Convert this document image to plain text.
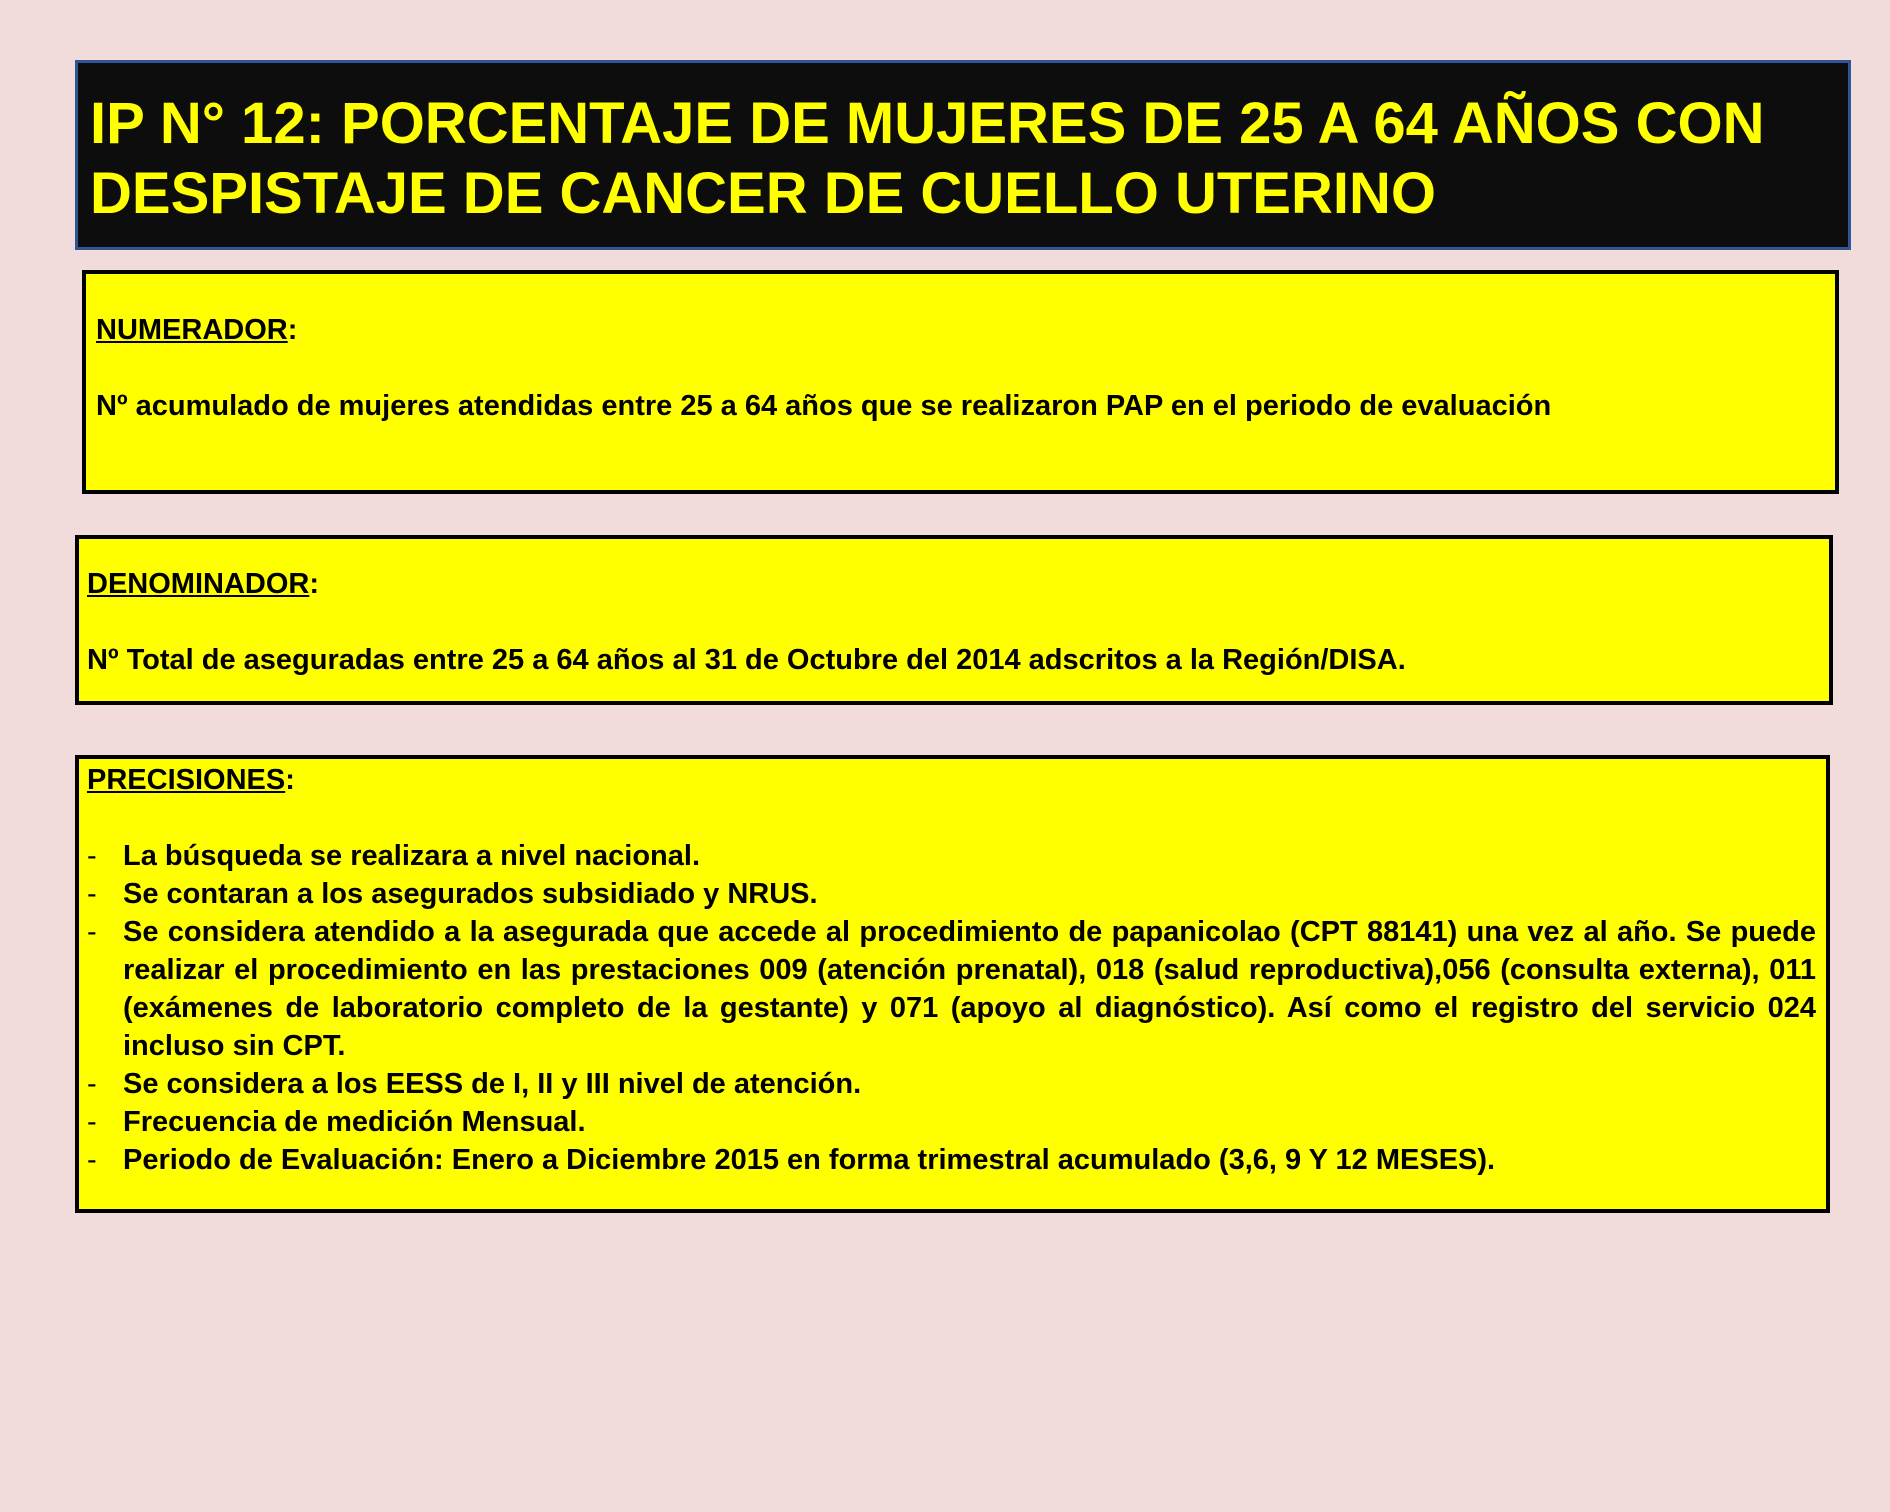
IP N° 12: PORCENTAJE DE MUJERES DE 25 A 64 AÑOS CON
DESPISTAJE DE CANCER DE CUELLO UTERINO

NUMERADOR:
Nº acumulado de mujeres atendidas entre 25 a 64 años que se realizaron PAP en el periodo de evaluación
DENOMINADOR:
Nº Total de aseguradas entre 25 a 64 años al 31 de Octubre del 2014 adscritos a la Región/DISA.
PRECISIONES:
- La búsqueda se realizara a nivel nacional.
- Se contaran a los asegurados subsidiado y NRUS.
- Se considera atendido a la asegurada que accede al procedimiento de papanicolao (CPT 88141) una vez al año. Se puede realizar el procedimiento en las prestaciones 009 (atención prenatal), 018 (salud reproductiva),056 (consulta externa), 011 (exámenes de laboratorio completo de la gestante) y 071 (apoyo al diagnóstico). Así como el registro del servicio 024 incluso sin CPT.
- Se considera a los EESS de I, II y III nivel de atención.
- Frecuencia de medición Mensual.
- Periodo de Evaluación: Enero a Diciembre 2015 en forma trimestral acumulado (3,6, 9 Y 12 MESES).
